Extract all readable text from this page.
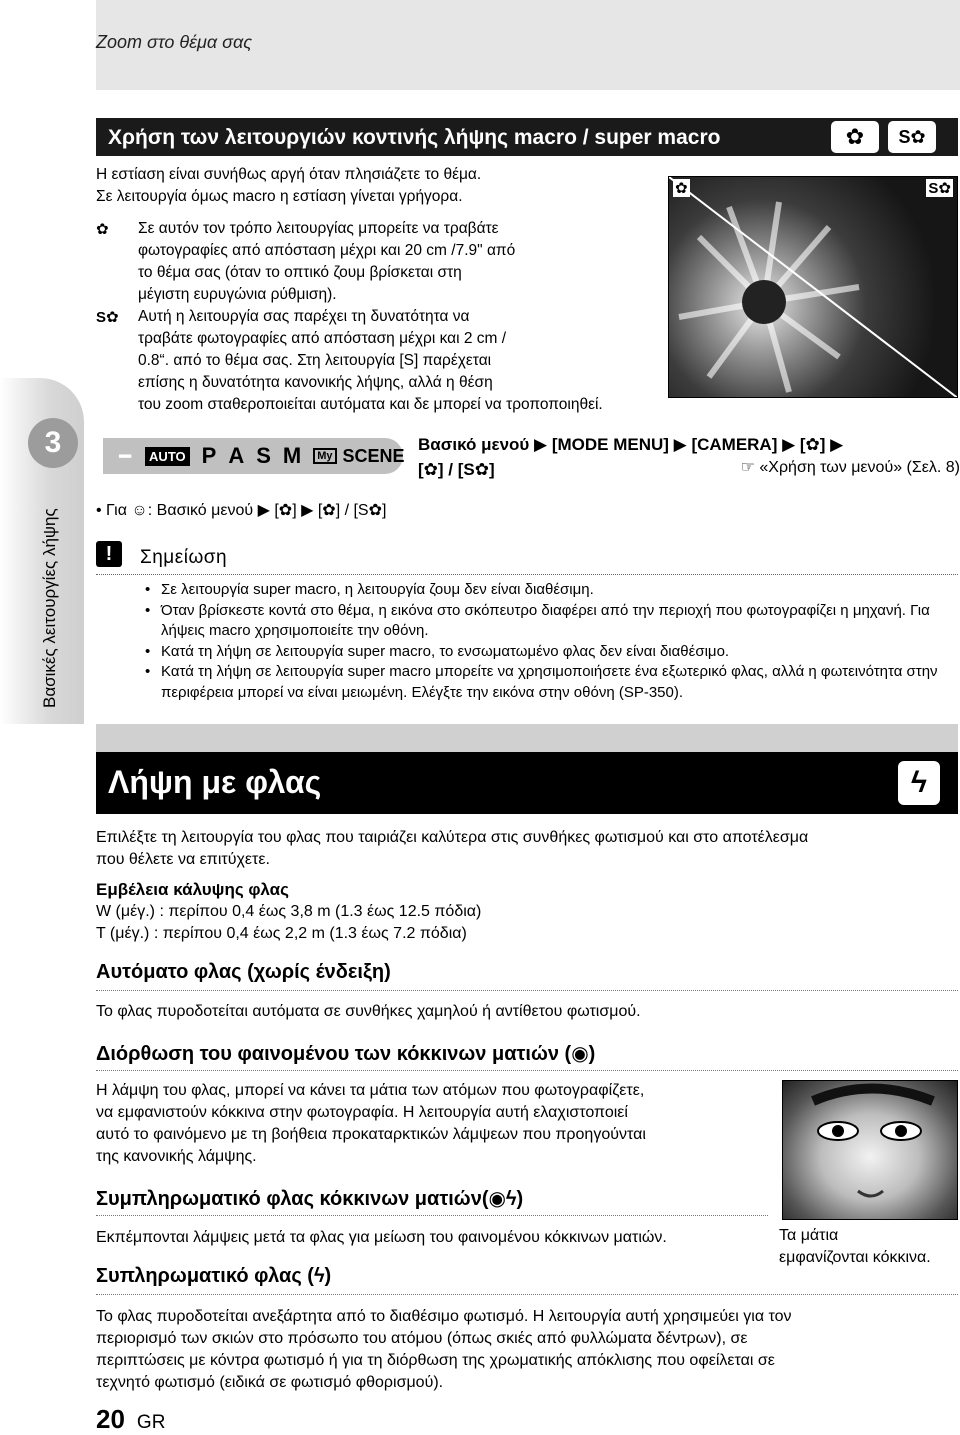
Zoom στο θέμα σας
Χρήση των λειτουργιών κοντινής λήψης macro / super macro	✿	S✿
Η εστίαση είναι συνήθως αργή όταν πλησιάζετε το θέμα.
Σε λειτουργία όμως macro η εστίαση γίνεται γρήγορα.
✿ Σε αυτόν τον τρόπο λειτουργίας μπορείτε να τραβάτε
φωτογραφίες από απόσταση μέχρι και 20 cm /7.9" από
το θέμα σας (όταν το οπτικό ζουμ βρίσκεται στη
μέγιστη ευρυγώνια ρύθμιση).
S✿ Αυτή η λειτουργία σας παρέχει τη δυνατότητα να
τραβάτε φωτογραφίες από απόσταση μέχρι και 2 cm /
0.8“. από το θέμα σας. Στη λειτουργία [S] παρέχεται
επίσης η δυνατότητα κανονικής λήψης, αλλά η θέση
του zoom σταθεροποιείται αυτόματα και δε μπορεί να τροποποιηθεί.
✿	S✿
3
Βασικές λειτουργίες λήψης
━	AUTO P A S M	My SCENE
Βασικό μενού ▶ [MODE MENU] ▶ [CAMERA] ▶ [✿] ▶
[✿] / [S✿]	☞ «Χρήση των μενού» (Σελ. 8)
• Για ☺: Βασικό μενού ▶ [✿] ▶ [✿] / [S✿]
!	Σημείωση
• Σε λειτουργία super macro, η λειτουργία ζουμ δεν είναι διαθέσιμη.
• Όταν βρίσκεστε κοντά στο θέμα, η εικόνα στο σκόπευτρο διαφέρει από την περιοχή που φωτογραφίζει η μηχανή. Για λήψεις macro χρησιμοποιείτε την οθόνη.
• Κατά τη λήψη σε λειτουργία super macro, το ενσωματωμένο φλας δεν είναι διαθέσιμο.
• Κατά τη λήψη σε λειτουργία super macro μπορείτε να χρησιμοποιήσετε ένα εξωτερικό φλας, αλλά η φωτεινότητα στην περιφέρεια μπορεί να είναι μειωμένη. Ελέγξτε την εικόνα στην οθόνη (SP-350).
Λήψη με φλας	ϟ
Επιλέξτε τη λειτουργία του φλας που ταιριάζει καλύτερα στις συνθήκες φωτισμού και στο αποτέλεσμα
που θέλετε να επιτύχετε.
Εμβέλεια κάλυψης φλας
W (μέγ.) : περίπου 0,4 έως 3,8 m (1.3 έως 12.5 πόδια)
T (μέγ.) : περίπου 0,4 έως 2,2 m (1.3 έως 7.2 πόδια)
Αυτόματο φλας (χωρίς ένδειξη)
Το φλας πυροδοτείται αυτόματα σε συνθήκες χαμηλού ή αντίθετου φωτισμού.
Διόρθωση του φαινομένου των κόκκινων ματιών (◉)
Η λάμψη του φλας, μπορεί να κάνει τα μάτια των ατόμων που φωτογραφίζετε,
να εμφανιστούν κόκκινα στην φωτογραφία. Η λειτουργία αυτή ελαχιστοποιεί
αυτό το φαινόμενο με τη βοήθεια προκαταρκτικών λάμψεων που προηγούνται
της κανονικής λάμψης.
Συμπληρωματικό φλας κόκκινων ματιών(◉ϟ)
Εκπέμπονται λάμψεις μετά τα φλας για μείωση του φαινομένου κόκκινων ματιών.	Τα μάτια
εμφανίζονται κόκκινα.
Συπληρωματικό φλας (ϟ)
Το φλας πυροδοτείται ανεξάρτητα από το διαθέσιμο φωτισμό. Η λειτουργία αυτή χρησιμεύει για τον
περιορισμό των σκιών στο πρόσωπο του ατόμου (όπως σκιές από φυλλώματα δέντρων), σε
περιπτώσεις με κόντρα φωτισμό ή για τη διόρθωση της χρωματικής απόκλισης που οφείλεται σε
τεχνητό φωτισμό (ειδικά σε φωτισμό φθορισμού).
20 GR
